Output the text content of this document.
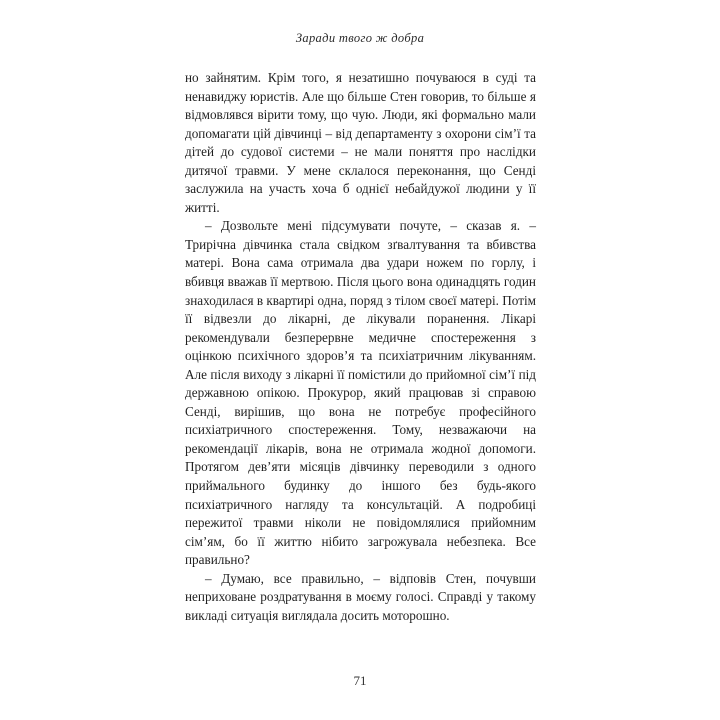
Заради твого ж добра

но зайнятим. Крім того, я незатишно почуваюся в суді та ненавиджу юристів. Але що більше Стен говорив, то більше я відмовлявся вірити тому, що чую. Люди, які формально мали допомагати цій дівчинці – від департаменту з охорони сім’ї та дітей до судової системи – не мали поняття про наслідки дитячої травми. У мене склалося переконання, що Сенді заслужила на участь хоча б однієї небайдужої людини у її житті.

– Дозвольте мені підсумувати почуте, – сказав я. – Трирічна дівчинка стала свідком зґвалтування та вбивства матері. Вона сама отримала два удари ножем по горлу, і вбивця вважав її мертвою. Після цього вона одинадцять годин знаходилася в квартирі одна, поряд з тілом своєї матері. Потім її відвезли до лікарні, де лікували поранення. Лікарі рекомендували безперервне медичне спостереження з оцінкою психічного здоров’я та психіатричним лікуванням. Але після виходу з лікарні її помістили до прийомної сім’ї під державною опікою. Прокурор, який працював зі справою Сенді, вирішив, що вона не потребує професійного психіатричного спостереження. Тому, незважаючи на рекомендації лікарів, вона не отримала жодної допомоги. Протягом дев’яти місяців дівчинку переводили з одного приймального будинку до іншого без будь-якого психіатричного нагляду та консультацій. А подробиці пережитої травми ніколи не повідомлялися прийомним сім’ям, бо її життю нібито загрожувала небезпека. Все правильно?

– Думаю, все правильно, – відповів Стен, почувши неприховане роздратування в моєму голосі. Справді у такому викладі ситуація виглядала досить моторошно.

71
